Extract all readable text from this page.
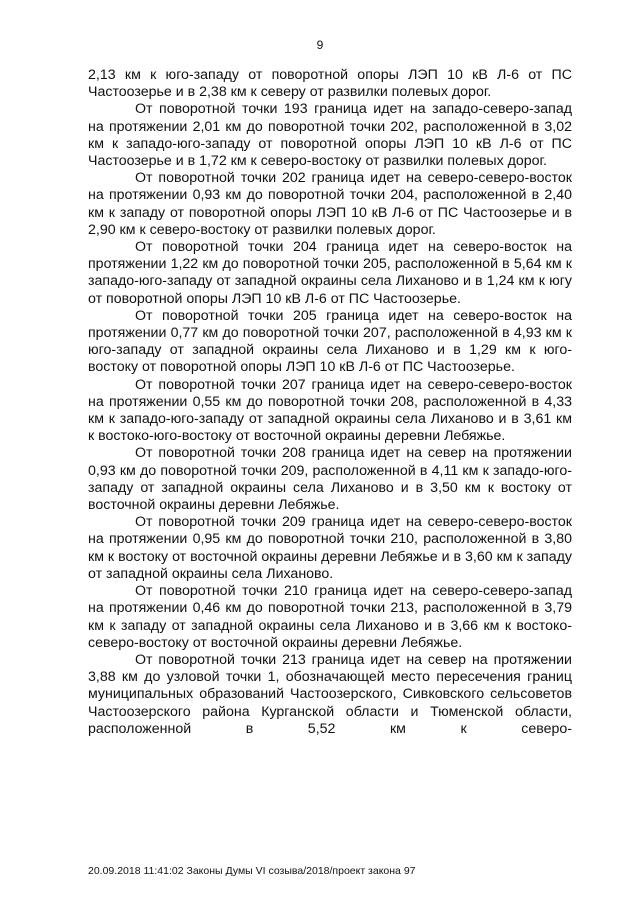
9

2,13 км к юго-западу от поворотной опоры ЛЭП 10 кВ Л-6 от ПС Частоозерье и в 2,38 км к северу от развилки полевых дорог.

От поворотной точки 193 граница идет на западо-северо-запад на протяжении 2,01 км до поворотной точки 202, расположенной в 3,02 км к западо-юго-западу от поворотной опоры ЛЭП 10 кВ Л-6 от ПС Частоозерье и в 1,72 км к северо-востоку от развилки полевых дорог.

От поворотной точки 202 граница идет на северо-северо-восток на протяжении 0,93 км до поворотной точки 204, расположенной в 2,40 км к западу от поворотной опоры ЛЭП 10 кВ Л-6 от ПС Частоозерье и в 2,90 км к северо-востоку от развилки полевых дорог.

От поворотной точки 204 граница идет на северо-восток на протяжении 1,22 км до поворотной точки 205, расположенной в 5,64 км к западо-юго-западу от западной окраины села Лиханово и в 1,24 км к югу от поворотной опоры ЛЭП 10 кВ Л-6 от ПС Частоозерье.

От поворотной точки 205 граница идет на северо-восток на протяжении 0,77 км до поворотной точки 207, расположенной в 4,93 км к юго-западу от западной окраины села Лиханово и в 1,29 км к юго-востоку от поворотной опоры ЛЭП 10 кВ Л-6 от ПС Частоозерье.

От поворотной точки 207 граница идет на северо-северо-восток на протяжении 0,55 км до поворотной точки 208, расположенной в 4,33 км к западо-юго-западу от западной окраины села Лиханово и в 3,61 км к востоко-юго-востоку от восточной окраины деревни Лебяжье.

От поворотной точки 208 граница идет на север на протяжении 0,93 км до поворотной точки 209, расположенной в 4,11 км к западо-юго-западу от западной окраины села Лиханово и в 3,50 км к востоку от восточной окраины деревни Лебяжье.

От поворотной точки 209 граница идет на северо-северо-восток на протяжении 0,95 км до поворотной точки 210, расположенной в 3,80 км к востоку от восточной окраины деревни Лебяжье и в 3,60 км к западу от западной окраины села Лиханово.

От поворотной точки 210 граница идет на северо-северо-запад на протяжении 0,46 км до поворотной точки 213, расположенной в 3,79 км к западу от западной окраины села Лиханово и в 3,66 км к востоко-северо-востоку от восточной окраины деревни Лебяжье.

От поворотной точки 213 граница идет на север на протяжении 3,88 км до узловой точки 1, обозначающей место пересечения границ муниципальных образований Частоозерского, Сивковского сельсоветов Частоозерского района Курганской области и Тюменской области, расположенной в 5,52 км к северо-

20.09.2018 11:41:02 Законы Думы VI созыва/2018/проект закона 97
